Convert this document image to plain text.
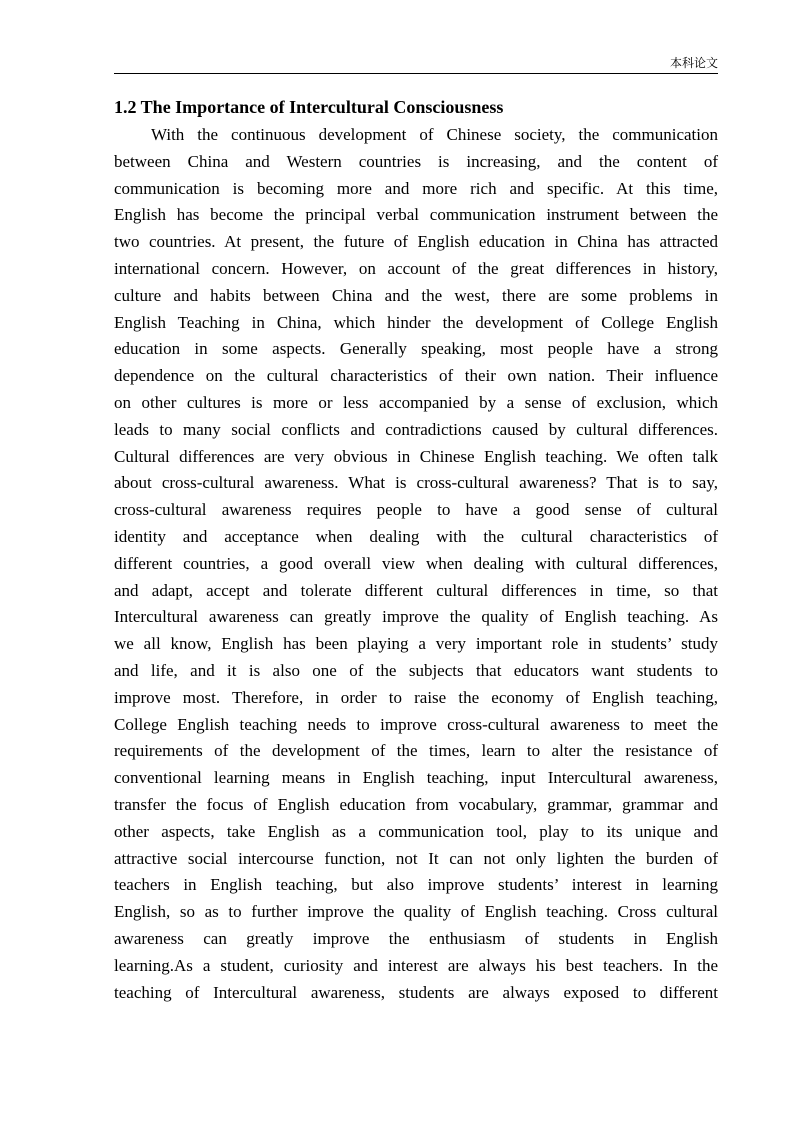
本科论文
1.2 The Importance of Intercultural Consciousness
With the continuous development of Chinese society, the communication
between China and Western countries is increasing, and the content of
communication is becoming more and more rich and specific. At this time,
English has become the principal verbal communication instrument between the
two countries. At present, the future of English education in China has attracted
international concern. However, on account of the great differences in history,
culture and habits between China and the west, there are some problems in
English Teaching in China, which hinder the development of College English
education in some aspects. Generally speaking, most people have a strong
dependence on the cultural characteristics of their own nation. Their influence
on other cultures is more or less accompanied by a sense of exclusion, which
leads to many social conflicts and contradictions caused by cultural differences.
Cultural differences are very obvious in Chinese English teaching. We often talk
about cross-cultural awareness. What is cross-cultural awareness? That is to say,
cross-cultural awareness requires people to have a good sense of cultural
identity and acceptance when dealing with the cultural characteristics of
different countries, a good overall view when dealing with cultural differences,
and adapt, accept and tolerate different cultural differences in time, so that
Intercultural awareness can greatly improve the quality of English teaching. As
we all know, English has been playing a very important role in students’ study
and life, and it is also one of the subjects that educators want students to
improve most. Therefore, in order to raise the economy of English teaching,
College English teaching needs to improve cross-cultural awareness to meet the
requirements of the development of the times, learn to alter the resistance of
conventional learning means in English teaching, input Intercultural awareness,
transfer the focus of English education from vocabulary, grammar, grammar and
other aspects, take English as a communication tool, play to its unique and
attractive social intercourse function, not It can not only lighten the burden of
teachers in English teaching, but also improve students’ interest in learning
English, so as to further improve the quality of English teaching. Cross cultural
awareness can greatly improve the enthusiasm of students in English
learning.As a student, curiosity and interest are always his best teachers. In the
teaching of Intercultural awareness, students are always exposed to different
